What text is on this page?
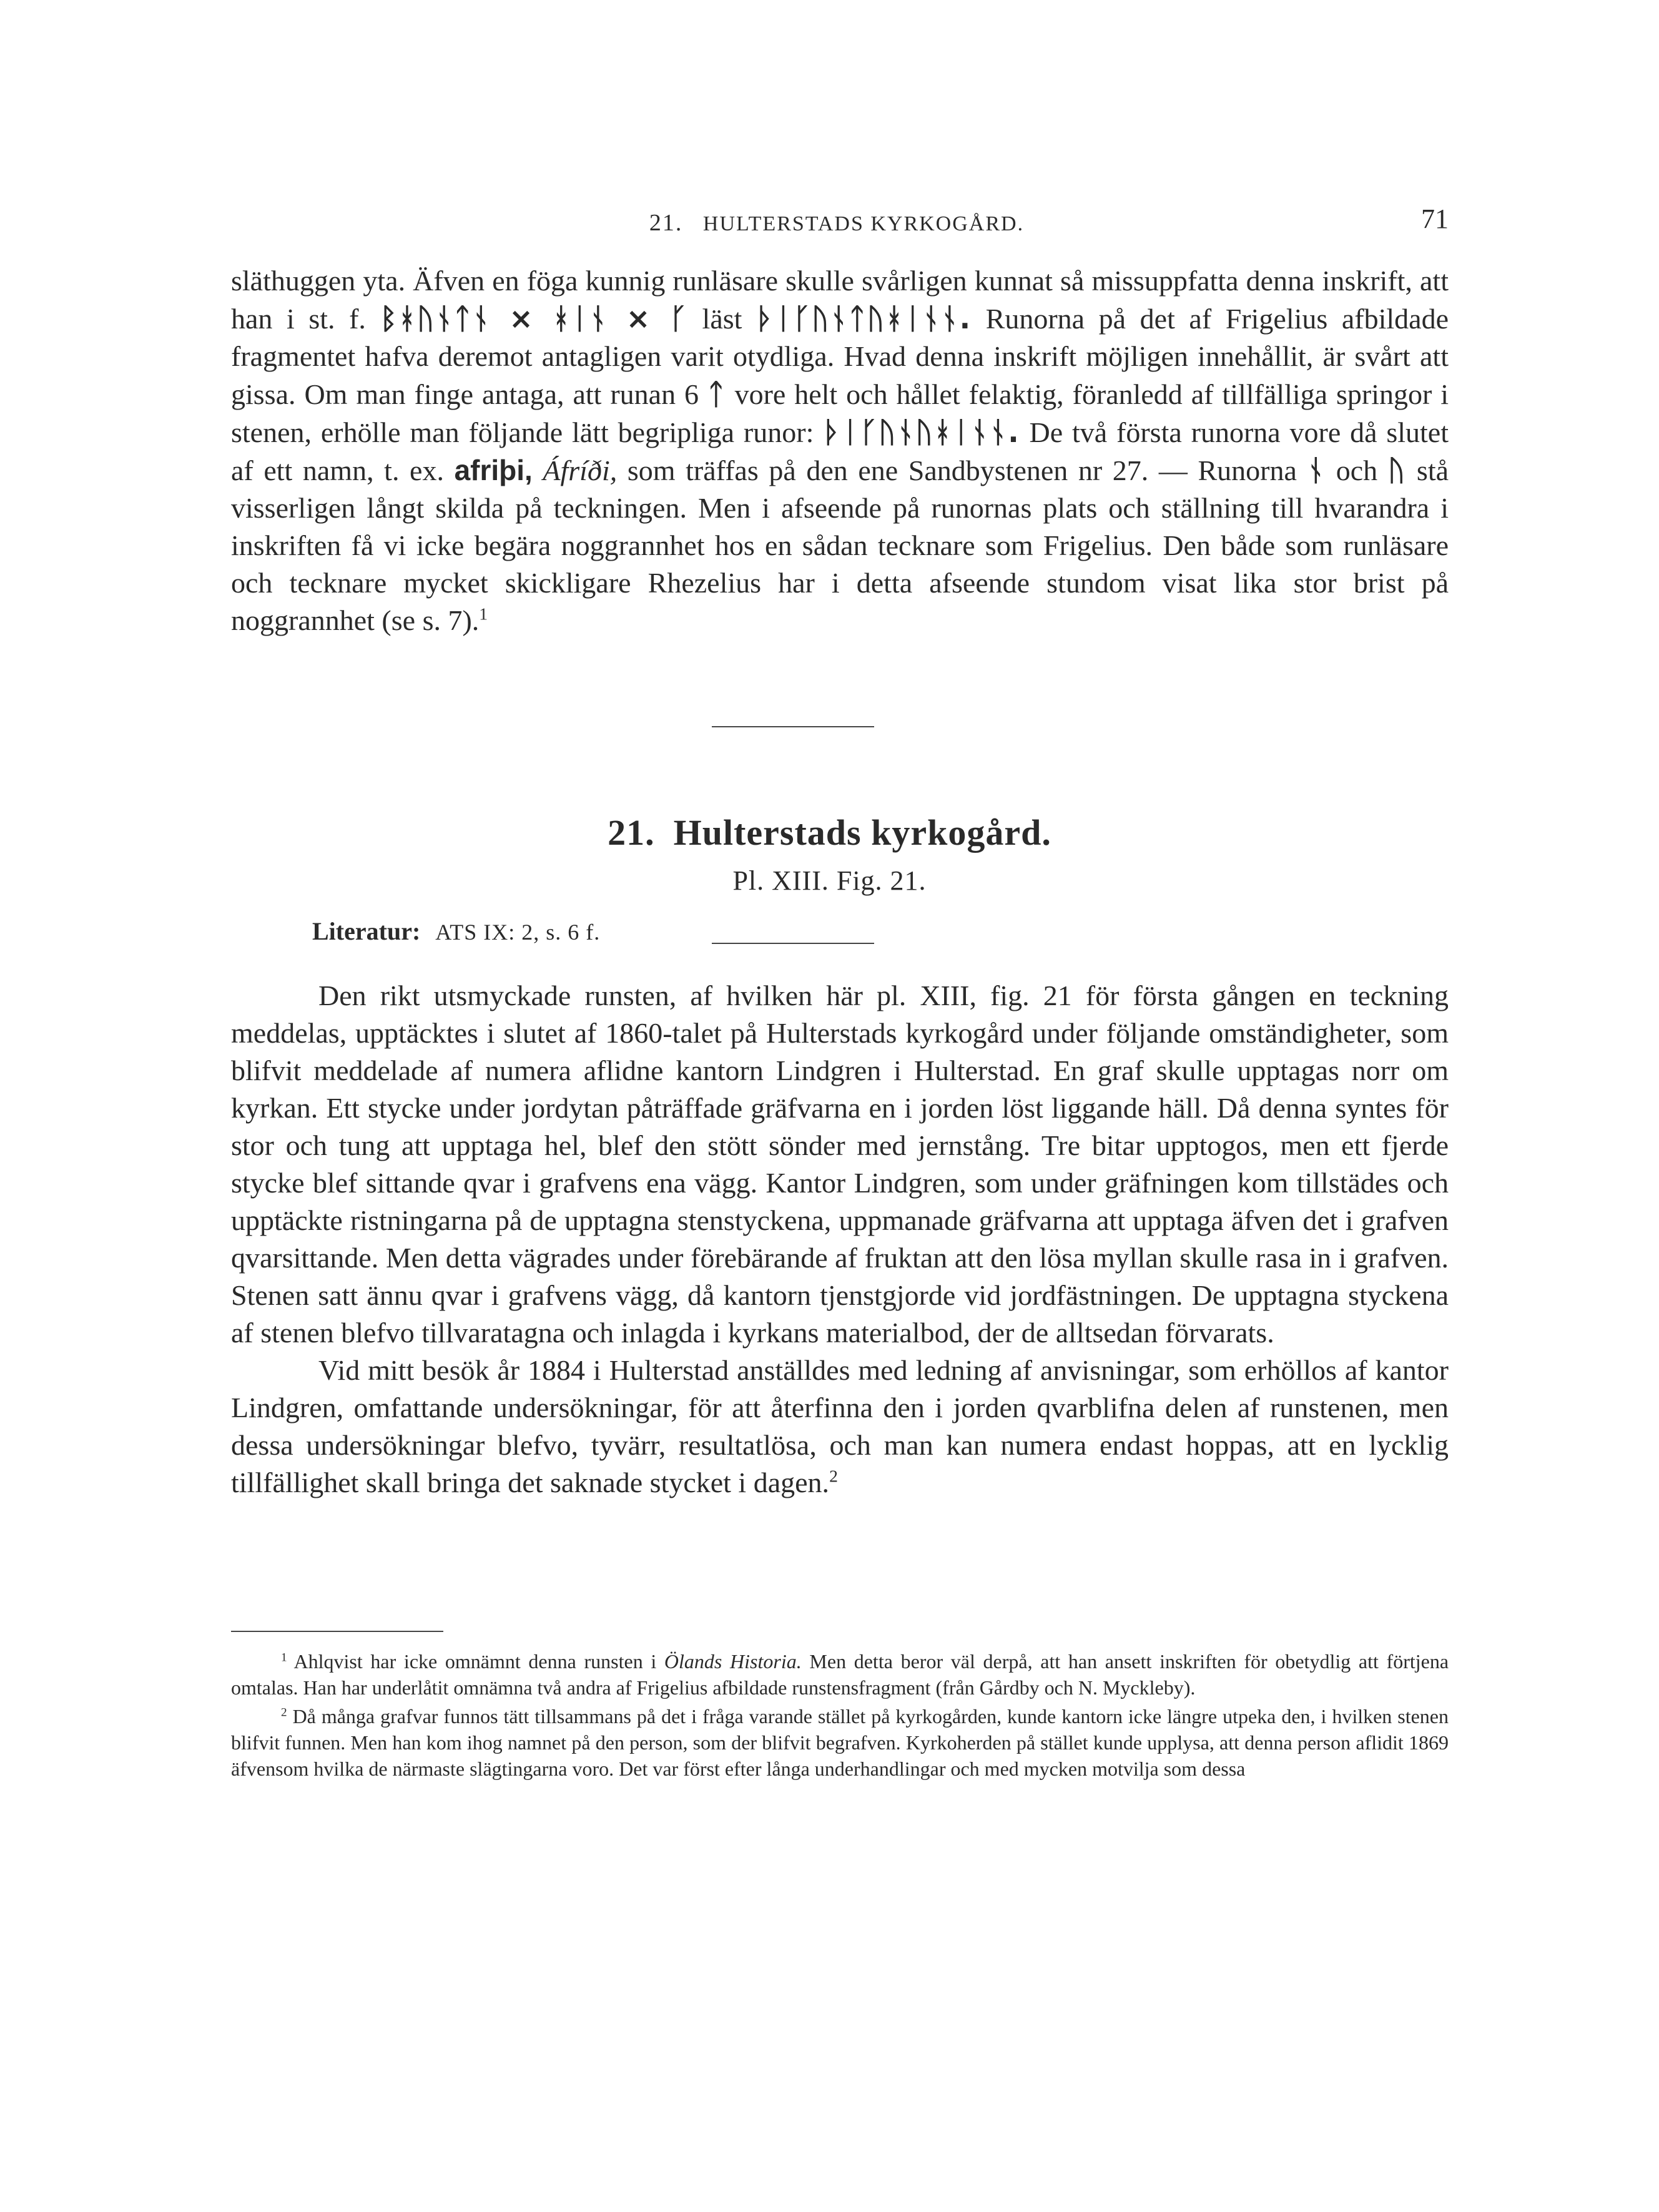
21. HULTERSTADS KYRKOGÅRD.	71

släthuggen yta. Äfven en föga kunnig runläsare skulle svårligen kunnat så missuppfatta denna inskrift, att han i st. f. ᛒᚼᚢᚾᛏᚾ × ᚼᛁᚾ × ᚴ läst ᚦᛁᚴᚢᚾᛏᚢᚼᛁᚾᚾ. Runorna på det af Frigelius afbildade fragmentet hafva deremot antagligen varit otydliga. Hvad denna inskrift möjligen innehållit, är svårt att gissa. Om man finge antaga, att runan 6 ᛏ vore helt och hållet felaktig, föranledd af tillfälliga springor i stenen, erhölle man följande lätt begripliga runor: ᚦᛁᚴᚢᚾᚢᚼᛁᚾᚾ. De två första runorna vore då slutet af ett namn, t. ex. afriþi, Áfríði, som träffas på den ene Sandbystenen nr 27. — Runorna ᚾ och ᚢ stå visserligen långt skilda på teckningen. Men i afseende på runornas plats och ställning till hvarandra i inskriften få vi icke begära noggrannhet hos en sådan tecknare som Frigelius. Den både som runläsare och tecknare mycket skickligare Rhezelius har i detta afseende stundom visat lika stor brist på noggrannhet (se s. 7).$^1$

21. Hulterstads kyrkogård.
Pl. XIII. Fig. 21.
Literatur: ATS IX: 2, s. 6 f.

Den rikt utsmyckade runsten, af hvilken här pl. XIII, fig. 21 för första gången en teckning meddelas, upptäcktes i slutet af 1860-talet på Hulterstads kyrkogård under följande omständigheter, som blifvit meddelade af numera aflidne kantorn Lindgren i Hulterstad. En graf skulle upptagas norr om kyrkan. Ett stycke under jordytan påträffade gräfvarna en i jorden löst liggande häll. Då denna syntes för stor och tung att upptaga hel, blef den stött sönder med jernstång. Tre bitar upptogos, men ett fjerde stycke blef sittande qvar i grafvens ena vägg. Kantor Lindgren, som under gräfningen kom tillstädes och upptäckte ristningarna på de upptagna stenstyckena, uppmanade gräfvarna att upptaga äfven det i grafven qvarsittande. Men detta vägrades under förebärande af fruktan att den lösa myllan skulle rasa in i grafven. Stenen satt ännu qvar i grafvens vägg, då kantorn tjenstgjorde vid jordfästningen. De upptagna styckena af stenen blefvo tillvaratagna och inlagda i kyrkans materialbod, der de alltsedan förvarats.

Vid mitt besök år 1884 i Hulterstad anställdes med ledning af anvisningar, som erhöllos af kantor Lindgren, omfattande undersökningar, för att återfinna den i jorden qvarblifna delen af runstenen, men dessa undersökningar blefvo, tyvärr, resultatlösa, och man kan numera endast hoppas, att en lycklig tillfällighet skall bringa det saknade stycket i dagen.$^2$

$^1$ Ahlqvist har icke omnämnt denna runsten i Ölands Historia. Men detta beror väl derpå, att han ansett inskriften för obetydlig att förtjena omtalas. Han har underlåtit omnämna två andra af Frigelius afbildade runstensfragment (från Gårdby och N. Myckleby).

$^2$ Då många grafvar funnos tätt tillsammans på det i fråga varande stället på kyrkogården, kunde kantorn icke längre utpeka den, i hvilken stenen blifvit funnen. Men han kom ihog namnet på den person, som der blifvit begrafven. Kyrkoherden på stället kunde upplysa, att denna person aflidit 1869 äfvensom hvilka de närmaste slägtingarna voro. Det var först efter långa underhandlingar och med mycken motvilja som dessa
